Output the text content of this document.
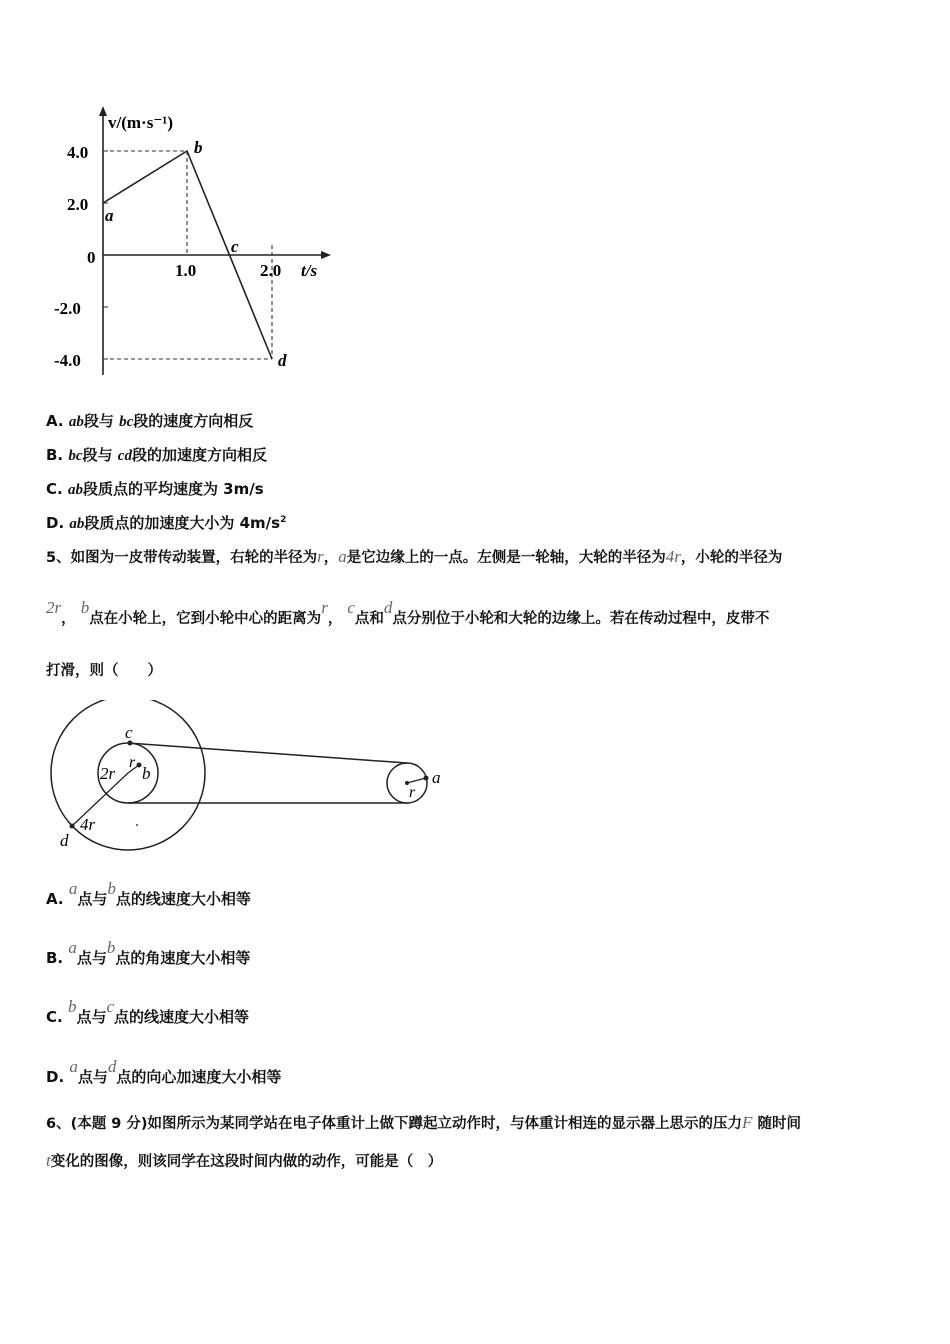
v/(m·s⁻¹)
t/s
4.0
2.0
0
-2.0
-4.0
1.0	2.0
a
b
c
d
A. ab段与 bc段的速度方向相反
B. bc段与 cd段的加速度方向相反
C. ab段质点的平均速度为 3m/s
D. ab段质点的加速度大小为 $4m/s^2$
5、如图为一皮带传动装置，右轮的半径为r，a是它边缘上的一点。左侧是一轮轴，大轮的半径为4r，小轮的半径为
2r， b点在小轮上，它到小轮中心的距离为r， c点和d点分别位于小轮和大轮的边缘上。若在传动过程中，皮带不
打滑，则（　　）
c
2r
r
b
4r
d
r
a
A. a点与b点的线速度大小相等
B. a点与b点的角速度大小相等
C. b点与c点的线速度大小相等
D. a点与d点的向心加速度大小相等
6、(本题 9 分)如图所示为某同学站在电子体重计上做下蹲起立动作时，与体重计相连的显示器上思示的压力F 随时间
t变化的图像，则该同学在这段时间内做的动作，可能是（　）
